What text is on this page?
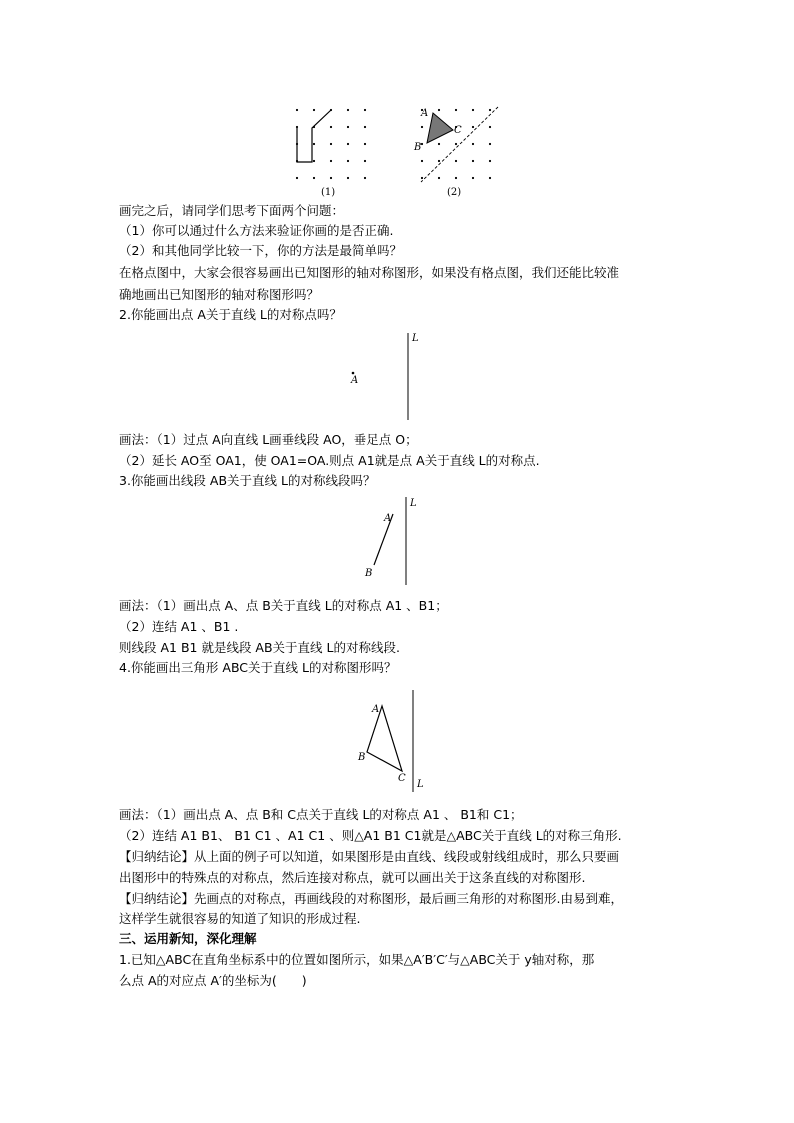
A
B
C
(1)	(2)
画完之后，请同学们思考下面两个问题：
（1）你可以通过什么方法来验证你画的是否正确.
（2）和其他同学比较一下，你的方法是最简单吗？
在格点图中，大家会很容易画出已知图形的轴对称图形，如果没有格点图，我们还能比较准
确地画出已知图形的轴对称图形吗？
2.你能画出点 A关于直线 L的对称点吗？
L
A
画法：（1）过点 A向直线 L画垂线段 AO，垂足点 O；
（2）延长 AO至 OA1，使 OA1=OA.则点 A1就是点 A关于直线 L的对称点.
3.你能画出线段 AB关于直线 L的对称线段吗？
L
A
B
画法：（1）画出点 A、点 B关于直线 L的对称点 A1 、B1；
（2）连结 A1 、B1 .
则线段 A1 B1 就是线段 AB关于直线 L的对称线段.
4.你能画出三角形 ABC关于直线 L的对称图形吗？
L
A
B
C
画法：（1）画出点 A、点 B和 C点关于直线 L的对称点 A1 、 B1和 C1；
（2）连结 A1 B1、 B1 C1 、A1 C1 、则△A1 B1 C1就是△ABC关于直线 L的对称三角形.
【归纳结论】从上面的例子可以知道，如果图形是由直线、线段或射线组成时，那么只要画
出图形中的特殊点的对称点，然后连接对称点，就可以画出关于这条直线的对称图形.
【归纳结论】先画点的对称点，再画线段的对称图形，最后画三角形的对称图形.由易到难，
这样学生就很容易的知道了知识的形成过程.
三、运用新知，深化理解
1.已知△ABC在直角坐标系中的位置如图所示，如果△A′B′C′与△ABC关于 y轴对称，那
么点 A的对应点 A′的坐标为(　　)
